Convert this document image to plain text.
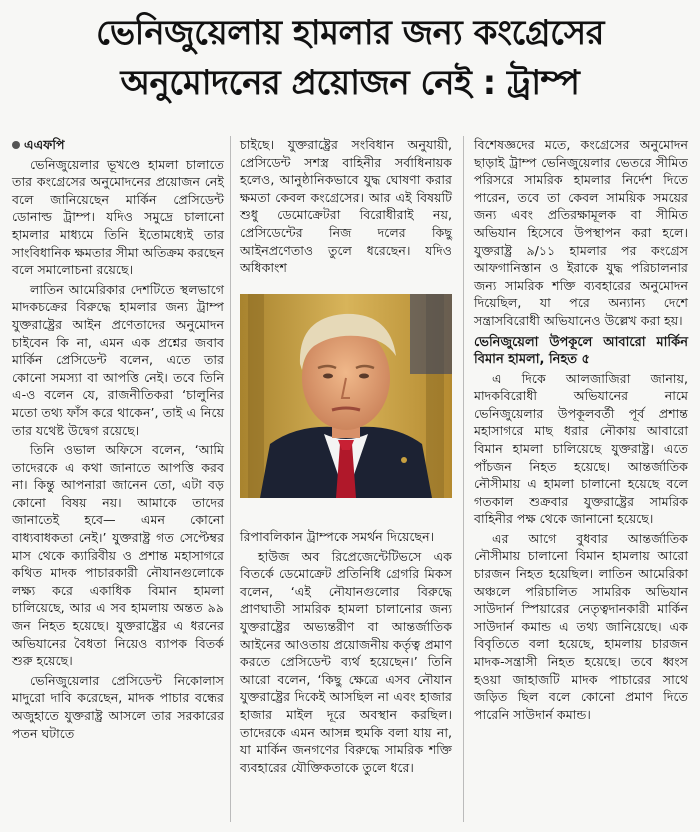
ভেনিজুয়েলায় হামলার জন্য কংগ্রেসের
অনুমোদনের প্রয়োজন নেই : ট্রাম্প

এএফপি

ভেনিজুয়েলার ভূখণ্ডে হামলা চালাতে তার কংগ্রেসের অনুমোদনের প্রয়োজন নেই বলে জানিয়েছেন মার্কিন প্রেসিডেন্ট ডোনাল্ড ট্রাম্প। যদিও সমুদ্রে চালানো হামলার মাধ্যমে তিনি ইতোমধ্যেই তার সাংবিধানিক ক্ষমতার সীমা অতিক্রম করছেন বলে সমালোচনা রয়েছে।

লাতিন আমেরিকার দেশটিতে স্থলভাগে মাদকচক্রের বিরুদ্ধে হামলার জন্য ট্রাম্প যুক্তরাষ্ট্রের আইন প্রণেতাদের অনুমোদন চাইবেন কি না, এমন এক প্রশ্নের জবাব মার্কিন প্রেসিডেন্ট বলেন, এতে তার কোনো সমস্যা বা আপত্তি নেই। তবে তিনি এ-ও বলেন যে, রাজনীতিকরা ‘চালুনির মতো তথ্য ফাঁস করে থাকেন’, তাই এ নিয়ে তার যথেষ্ট উদ্বেগ রয়েছে।

তিনি ওভাল অফিসে বলেন, ‘আমি তাদেরকে এ কথা জানাতে আপত্তি করব না। কিন্তু আপনারা জানেন তো, এটা বড় কোনো বিষয় নয়। আমাকে তাদের জানাতেই হবে— এমন কোনো বাধ্যবাধকতা নেই।’ যুক্তরাষ্ট্র গত সেপ্টেম্বর মাস থেকে ক্যারিবীয় ও প্রশান্ত মহাসাগরে কথিত মাদক পাচারকারী নৌযানগুলোকে লক্ষ্য করে একাধিক বিমান হামলা চালিয়েছে, আর এ সব হামলায় অন্তত ৯৯ জন নিহত হয়েছে। যুক্তরাষ্ট্রের এ ধরনের অভিযানের বৈধতা নিয়েও ব্যাপক বিতর্ক শুরু হয়েছে।

ভেনিজুয়েলার প্রেসিডেন্ট নিকোলাস মাদুরো দাবি করেছেন, মাদক পাচার বন্ধের অজুহাতে যুক্তরাষ্ট্র আসলে তার সরকারের পতন ঘটাতে

চাইছে। যুক্তরাষ্ট্রের সংবিধান অনুযায়ী, প্রেসিডেন্ট সশস্ত্র বাহিনীর সর্বাধিনায়ক হলেও, আনুষ্ঠানিকভাবে যুদ্ধ ঘোষণা করার ক্ষমতা কেবল কংগ্রেসের। আর এই বিষয়টি শুধু ডেমোক্রেটরা বিরোধীরাই নয়, প্রেসিডেন্টের নিজ দলের কিছু আইনপ্রণেতাও তুলে ধরেছেন। যদিও অধিকাংশ

রিপাবলিকান ট্রাম্পকে সমর্থন দিয়েছেন।

হাউজ অব রিপ্রেজেন্টেটিভসে এক বিতর্কে ডেমোক্রেট প্রতিনিধি গ্রেগরি মিকস বলেন, ‘এই নৌযানগুলোর বিরুদ্ধে প্রাণঘাতী সামরিক হামলা চালানোর জন্য যুক্তরাষ্ট্রের অভ্যন্তরীণ বা আন্তর্জাতিক আইনের আওতায় প্রয়োজনীয় কর্তৃত্ব প্রমাণ করতে প্রেসিডেন্ট ব্যর্থ হয়েছেন।’ তিনি আরো বলেন, ‘কিছু ক্ষেত্রে এসব নৌযান যুক্তরাষ্ট্রের দিকেই আসছিল না এবং হাজার হাজার মাইল দূরে অবস্থান করছিল। তাদেরকে এমন আসন্ন হুমকি বলা যায় না, যা মার্কিন জনগণের বিরুদ্ধে সামরিক শক্তি ব্যবহারের যৌক্তিকতাকে তুলে ধরে।

বিশেষজ্ঞদের মতে, কংগ্রেসের অনুমোদন ছাড়াই ট্রাম্প ভেনিজুয়েলার ভেতরে সীমিত পরিসরে সামরিক হামলার নির্দেশ দিতে পারেন, তবে তা কেবল সাময়িক সময়ের জন্য এবং প্রতিরক্ষামূলক বা সীমিত অভিযান হিসেবে উপস্থাপন করা হলে। যুক্তরাষ্ট্র ৯/১১ হামলার পর কংগ্রেস আফগানিস্তান ও ইরাকে যুদ্ধ পরিচালনার জন্য সামরিক শক্তি ব্যবহারের অনুমোদন দিয়েছিল, যা পরে অন্যান্য দেশে সন্ত্রাসবিরোধী অভিযানেও উল্লেখ করা হয়।

ভেনিজুয়েলা উপকূলে আবারো মার্কিন বিমান হামলা, নিহত ৫

এ দিকে আলজাজিরা জানায়, মাদকবিরোধী অভিযানের নামে ভেনিজুয়েলার উপকূলবর্তী পূর্ব প্রশান্ত মহাসাগরে মাছ ধরার নৌকায় আবারো বিমান হামলা চালিয়েছে যুক্তরাষ্ট্র। এতে পাঁচজন নিহত হয়েছে। আন্তর্জাতিক নৌসীমায় এ হামলা চালানো হয়েছে বলে গতকাল শুক্রবার যুক্তরাষ্ট্রের সামরিক বাহিনীর পক্ষ থেকে জানানো হয়েছে।

এর আগে বুধবার আন্তর্জাতিক নৌসীমায় চালানো বিমান হামলায় আরো চারজন নিহত হয়েছিল। লাতিন আমেরিকা অঞ্চলে পরিচালিত সামরিক অভিযান সাউদার্ন স্পিয়ারের নেতৃত্বদানকারী মার্কিন সাউদার্ন কমান্ড এ তথ্য জানিয়েছে। এক বিবৃতিতে বলা হয়েছে, হামলায় চারজন মাদক-সন্ত্রাসী নিহত হয়েছে। তবে ধ্বংস হওয়া জাহাজটি মাদক পাচারের সাথে জড়িত ছিল বলে কোনো প্রমাণ দিতে পারেনি সাউদার্ন কমান্ড।
